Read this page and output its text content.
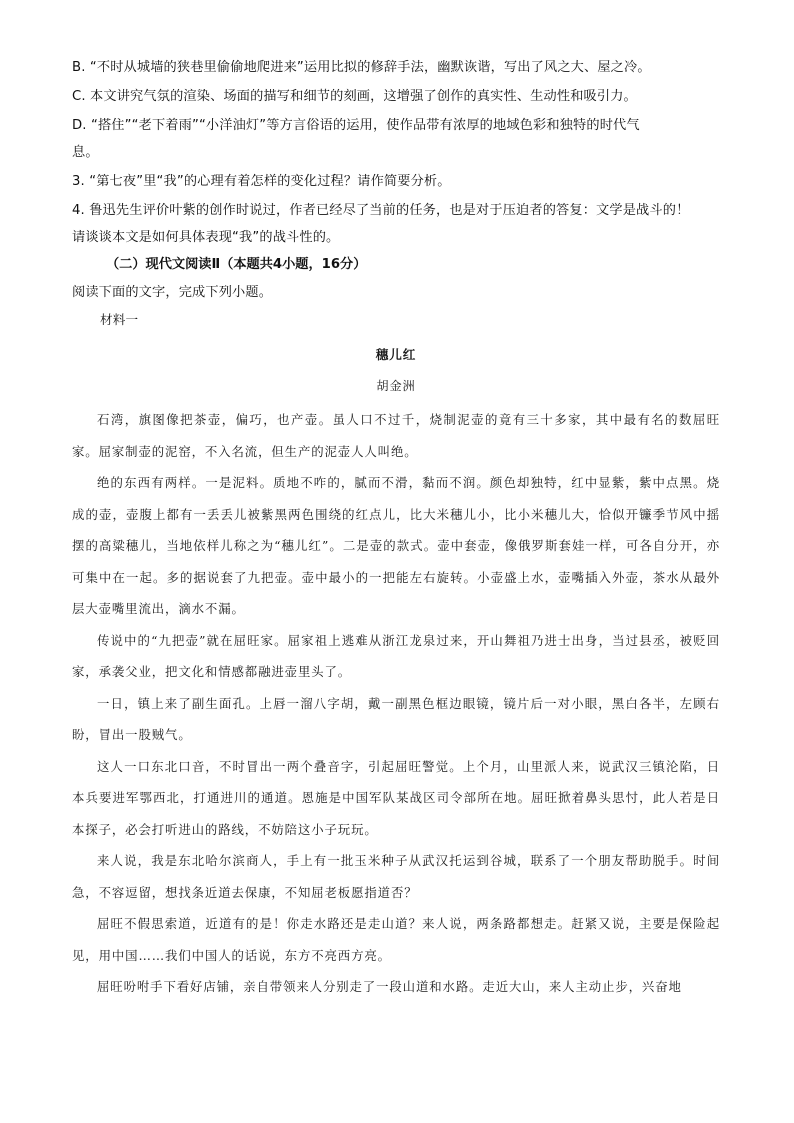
B. “不时从城墙的狭巷里偷偷地爬进来”运用比拟的修辞手法，幽默诙谐，写出了风之大、屋之冷。

C. 本文讲究气氛的渲染、场面的描写和细节的刻画，这增强了创作的真实性、生动性和吸引力。

D. “搭住”“老下着雨”“小洋油灯”等方言俗语的运用，使作品带有浓厚的地域色彩和独特的时代气

息。

3. “第七夜”里“我”的心理有着怎样的变化过程？请作简要分析。

4. 鲁迅先生评价叶紫的创作时说过，作者已经尽了当前的任务，也是对于压迫者的答复：文学是战斗的！

请谈谈本文是如何具体表现“我”的战斗性的。

（二）现代文阅读Ⅱ（本题共4小题，16分）

阅读下面的文字，完成下列小题。

材料一

穗儿红

胡金洲

石湾，旗图像把茶壶，偏巧，也产壶。虽人口不过千，烧制泥壶的竟有三十多家，其中最有名的数屈旺家。屈家制壶的泥窑，不入名流，但生产的泥壶人人叫绝。

绝的东西有两样。一是泥料。质地不咋的，腻而不滑，黏而不润。颜色却独特，红中显紫，紫中点黑。烧成的壶，壶腹上都有一丢丢儿被紫黑两色围绕的红点儿，比大米穗儿小，比小米穗儿大，恰似开镰季节风中摇摆的高粱穗儿，当地依样儿称之为“穗儿红”。二是壶的款式。壶中套壶，像俄罗斯套娃一样，可各自分开，亦可集中在一起。多的据说套了九把壶。壶中最小的一把能左右旋转。小壶盛上水，壶嘴插入外壶，茶水从最外层大壶嘴里流出，滴水不漏。

传说中的“九把壶”就在屈旺家。屈家祖上逃难从浙江龙泉过来，开山舞祖乃进士出身，当过县丞，被贬回家，承袭父业，把文化和情感都融进壶里头了。

一日，镇上来了副生面孔。上唇一溜八字胡，戴一副黑色框边眼镜，镜片后一对小眼，黑白各半，左顾右盼，冒出一股贼气。

这人一口东北口音，不时冒出一两个叠音字，引起屈旺警觉。上个月，山里派人来，说武汉三镇沦陷，日本兵要进军鄂西北，打通进川的通道。恩施是中国军队某战区司令部所在地。屈旺掀着鼻头思忖，此人若是日本探子，必会打听进山的路线，不妨陪这小子玩玩。

来人说，我是东北哈尔滨商人，手上有一批玉米种子从武汉托运到谷城，联系了一个朋友帮助脱手。时间急，不容逗留，想找条近道去保康，不知屈老板愿指道否？

屈旺不假思索道，近道有的是！你走水路还是走山道？来人说，两条路都想走。赶紧又说，主要是保险起见，用中国……我们中国人的话说，东方不亮西方亮。

屈旺吩咐手下看好店铺，亲自带领来人分别走了一段山道和水路。走近大山，来人主动止步，兴奋地
